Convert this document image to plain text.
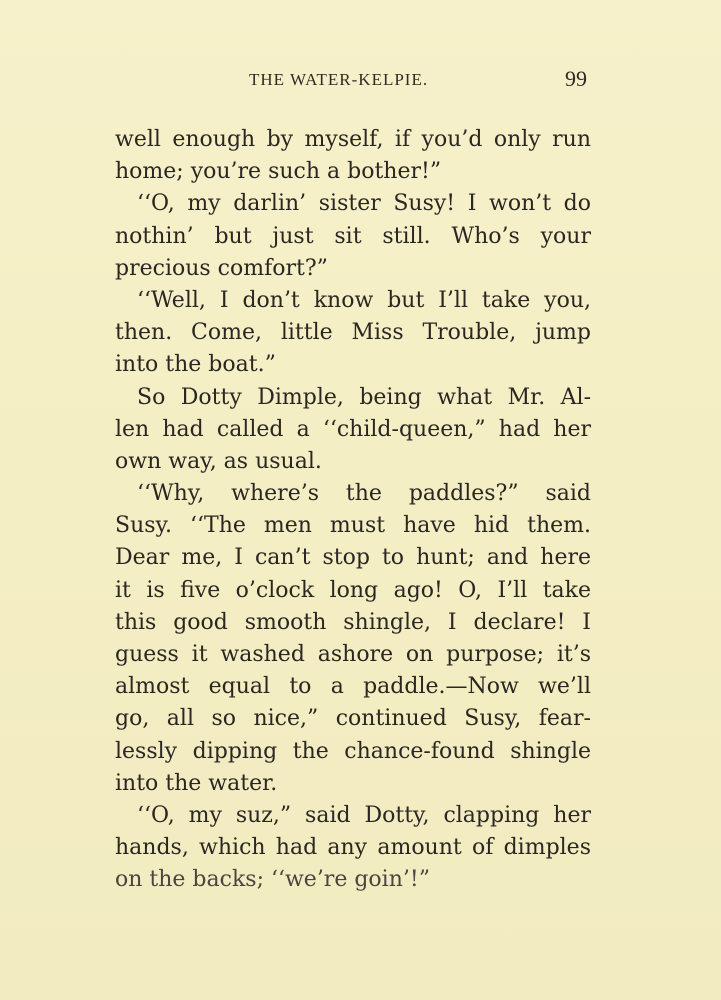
THE WATER-KELPIE.	99
well enough by myself, if you’d only run
home; you’re such a bother!”
‘‘O, my darlin’ sister Susy! I won’t do
nothin’ but just sit still. Who’s your
precious comfort?”
‘‘Well, I don’t know but I’ll take you,
then. Come, little Miss Trouble, jump
into the boat.”
So Dotty Dimple, being what Mr. Al-
len had called a ‘‘child-queen,” had her
own way, as usual.
‘‘Why, where’s the paddles?” said
Susy. ‘‘The men must have hid them.
Dear me, I can’t stop to hunt; and here
it is five o’clock long ago! O, I’ll take
this good smooth shingle, I declare! I
guess it washed ashore on purpose; it’s
almost equal to a paddle.—Now we’ll
go, all so nice,” continued Susy, fear-
lessly dipping the chance-found shingle
into the water.
‘‘O, my suz,” said Dotty, clapping her
hands, which had any amount of dimples
on the backs; ‘‘we’re goin’!”
